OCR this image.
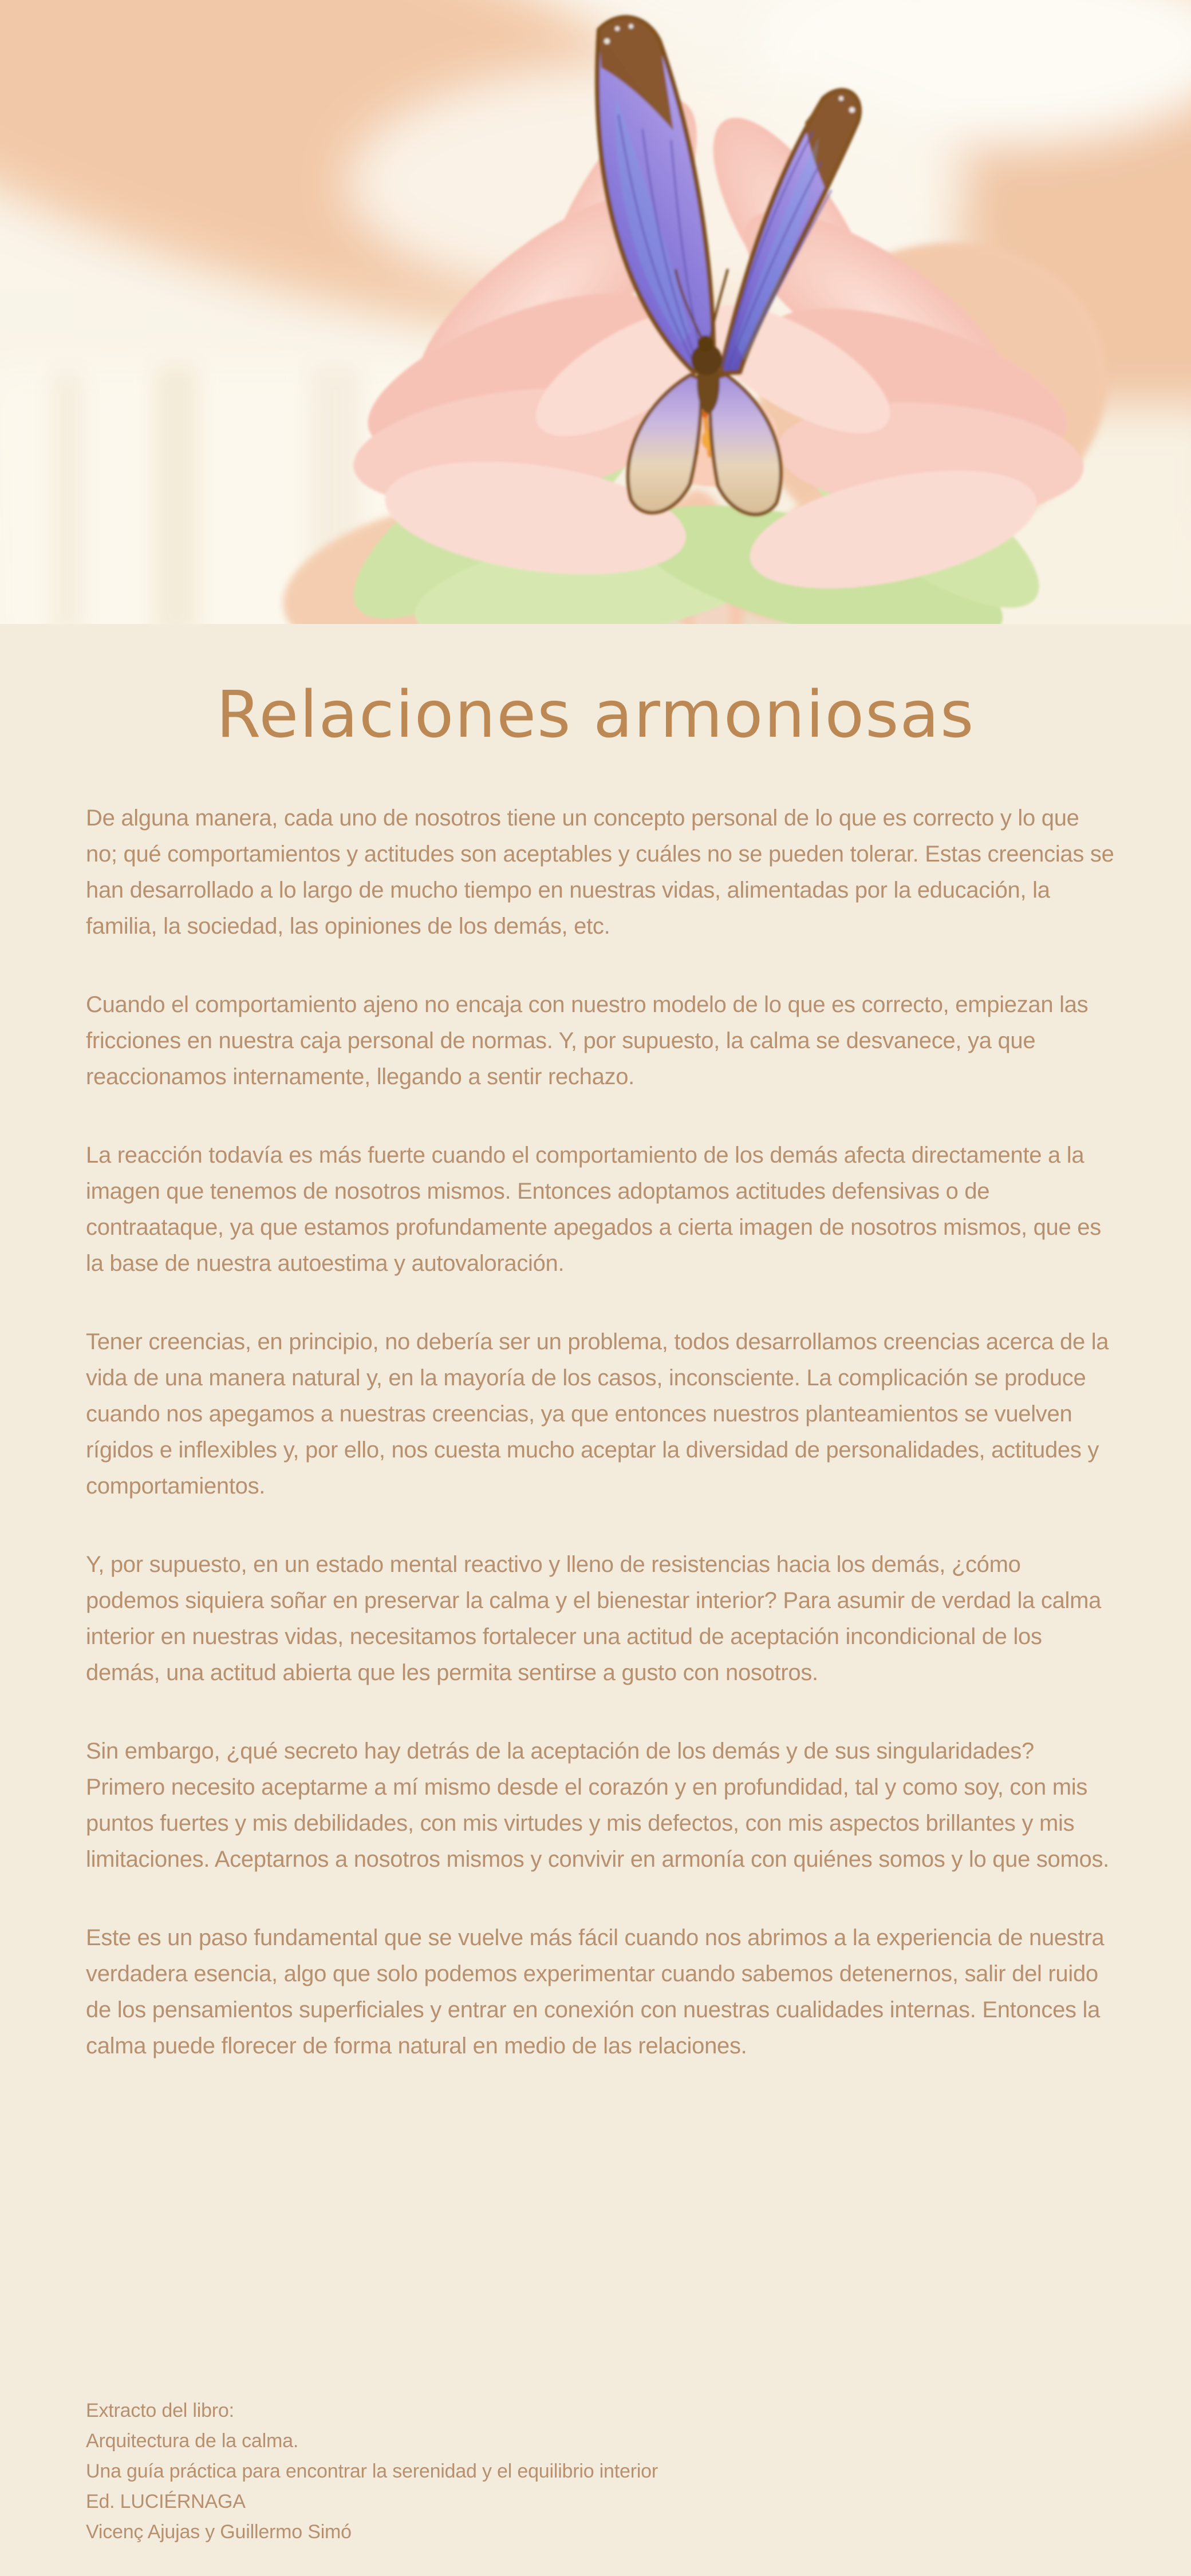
Relaciones armoniosas

De alguna manera, cada uno de nosotros tiene un concepto personal de lo que es correcto y lo que no; qué comportamientos y actitudes son aceptables y cuáles no se pueden tolerar. Estas creencias se han desarrollado a lo largo de mucho tiempo en nuestras vidas, alimentadas por la educación, la familia, la sociedad, las opiniones de los demás, etc.

Cuando el comportamiento ajeno no encaja con nuestro modelo de lo que es correcto, empiezan las fricciones en nuestra caja personal de normas. Y, por supuesto, la calma se desvanece, ya que reaccionamos internamente, llegando a sentir rechazo.

La reacción todavía es más fuerte cuando el comportamiento de los demás afecta directamente a la imagen que tenemos de nosotros mismos. Entonces adoptamos actitudes defensivas o de contraataque, ya que estamos profundamente apegados a cierta imagen de nosotros mismos, que es la base de nuestra autoestima y autovaloración.

Tener creencias, en principio, no debería ser un problema, todos desarrollamos creencias acerca de la vida de una manera natural y, en la mayoría de los casos, inconsciente. La complicación se produce cuando nos apegamos a nuestras creencias, ya que entonces nuestros planteamientos se vuelven rígidos e inflexibles y, por ello, nos cuesta mucho aceptar la diversidad de personalidades, actitudes y comportamientos.

Y, por supuesto, en un estado mental reactivo y lleno de resistencias hacia los demás, ¿cómo podemos siquiera soñar en preservar la calma y el bienestar interior? Para asumir de verdad la calma interior en nuestras vidas, necesitamos fortalecer una actitud de aceptación incondicional de los demás, una actitud abierta que les permita sentirse a gusto con nosotros.

Sin embargo, ¿qué secreto hay detrás de la aceptación de los demás y de sus singularidades? Primero necesito aceptarme a mí mismo desde el corazón y en profundidad, tal y como soy, con mis puntos fuertes y mis debilidades, con mis virtudes y mis defectos, con mis aspectos brillantes y mis limitaciones. Aceptarnos a nosotros mismos y convivir en armonía con quiénes somos y lo que somos.

Este es un paso fundamental que se vuelve más fácil cuando nos abrimos a la experiencia de nuestra verdadera esencia, algo que solo podemos experimentar cuando sabemos detenernos, salir del ruido de los pensamientos superficiales y entrar en conexión con nuestras cualidades internas. Entonces la calma puede florecer de forma natural en medio de las relaciones.

Extracto del libro:
Arquitectura de la calma.
Una guía práctica para encontrar la serenidad y el equilibrio interior
Ed. LUCIÉRNAGA
Vicenç Ajujas y Guillermo Simó
